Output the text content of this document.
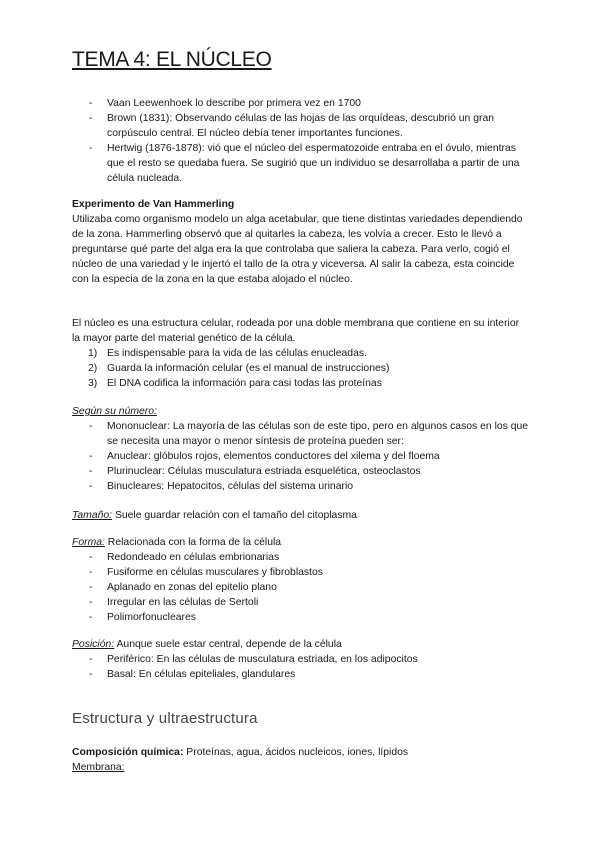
TEMA 4: EL NÚCLEO
- Vaan Leewenhoek lo describe por primera vez en 1700
- Brown (1831): Observando células de las hojas de las orquídeas, descubrió un gran corpúsculo central. El núcleo debía tener importantes funciones.
- Hertwig (1876-1878): vió que el núcleo del espermatozoide entraba en el óvulo, mientras que el resto se quedaba fuera. Se sugirió que un individuo se desarrollaba a partir de una célula nucleada.

Experimento de Van Hammerling

Utilizaba como organismo modelo un alga acetabular, que tiene distintas variedades dependiendo de la zona. Hammerling observó que al quitarles la cabeza, les volvía a crecer. Esto le llevó a preguntarse qué parte del alga era la que controlaba que saliera la cabeza. Para verlo, cogió el núcleo de una variedad y le injertó el tallo de la otra y viceversa. Al salir la cabeza, esta coincide con la especia de la zona en la que estaba alojado el núcleo.

El núcleo es una estructura celular, rodeada por una doble membrana que contiene en su interior la mayor parte del material genético de la célula.

1) Es indispensable para la vida de las células enucleadas.
2) Guarda la información celular (es el manual de instrucciones)
3) El DNA codifica la información para casi todas las proteínas

Según su número:

- Mononuclear: La mayoría de las células son de este tipo, pero en algunos casos en los que se necesita una mayor o menor síntesis de proteína pueden ser:
- Anuclear: glóbulos rojos, elementos conductores del xilema y del floema
- Plurinuclear: Células musculatura estriada esquelética, osteoclastos
- Binucleares: Hepatocitos, células del sistema urinario

Tamaño: Suele guardar relación con el tamaño del citoplasma

Forma: Relacionada con la forma de la célula

- Redondeado en células embrionarias
- Fusiforme en células musculares y fibroblastos
- Aplanado en zonas del epitelio plano
- Irregular en las células de Sertoli
- Polimorfonucleares

Posición: Aunque suele estar central, depende de la célula

- Periférico: En las células de musculatura estriada, en los adipocitos
- Basal: En células epiteliales, glandulares
Estructura y ultraestructura

Composición química: Proteínas, agua, ácidos nucleicos, iones, lípidos

Membrana:
